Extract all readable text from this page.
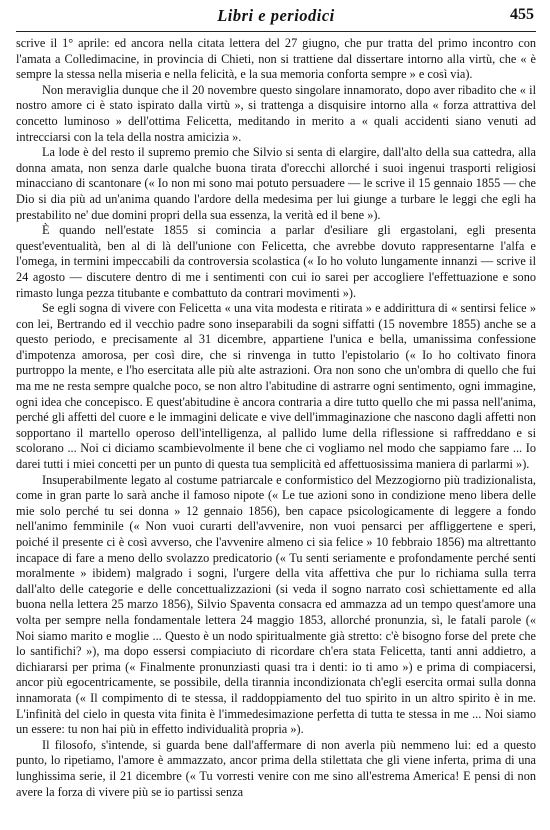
Libri e periodici	455

scrive il 1° aprile: ed ancora nella citata lettera del 27 giugno, che pur tratta del primo incontro con l'amata a Colledimacine, in provincia di Chieti, non si trattiene dal dissertare intorno alla virtù, che « è sempre la stessa nella miseria e nella felicità, e la sua memoria conforta sempre » e così via).

Non meraviglia dunque che il 20 novembre questo singolare innamorato, dopo aver ribadito che « il nostro amore ci è stato ispirato dalla virtù », si trattenga a disquisire intorno alla « forza attrattiva del concetto luminoso » dell'ottima Felicetta, meditando in merito a « quali accidenti siano venuti ad intrecciarsi con la tela della nostra amicizia ».

La lode è del resto il supremo premio che Silvio si senta di elargire, dall'alto della sua cattedra, alla donna amata, non senza darle qualche buona tirata d'orecchi allorché i suoi ingenui trasporti religiosi minacciano di scantonare (« Io non mi sono mai potuto persuadere — le scrive il 15 gennaio 1855 — che Dio si dia più ad un'anima quando l'ardore della medesima per lui giunge a turbare le leggi che egli ha prestabilito ne' due domini propri della sua essenza, la verità ed il bene »).

È quando nell'estate 1855 si comincia a parlar d'esiliare gli ergastolani, egli presenta quest'eventualità, ben al di là dell'unione con Felicetta, che avrebbe dovuto rappresentarne l'alfa e l'omega, in termini impeccabili da controversia scolastica (« Io ho voluto lungamente innanzi — scrive il 24 agosto — discutere dentro di me i sentimenti con cui io sarei per accogliere l'effettuazione e sono rimasto lunga pezza titubante e combattuto da contrari movimenti »).

Se egli sogna di vivere con Felicetta « una vita modesta e ritirata » e addirittura di « sentirsi felice » con lei, Bertrando ed il vecchio padre sono inseparabili da sogni siffatti (15 novembre 1855) anche se a questo periodo, e precisamente al 31 dicembre, appartiene l'unica e bella, umanissima confessione d'impotenza amorosa, per così dire, che si rinvenga in tutto l'epistolario (« Io ho coltivato finora purtroppo la mente, e l'ho esercitata alle più alte astrazioni. Ora non sono che un'ombra di quello che fui ma me ne resta sempre qualche poco, se non altro l'abitudine di astrarre ogni sentimento, ogni immagine, ogni idea che concepisco. E quest'abitudine è ancora contraria a dire tutto quello che mi passa nell'anima, perché gli affetti del cuore e le immagini delicate e vive dell'immaginazione che nascono dagli affetti non sopportano il martello operoso dell'intelligenza, al pallido lume della riflessione si raffreddano e si scolorano ... Noi ci diciamo scambievolmente il bene che ci vogliamo nel modo che sappiamo fare ... Io darei tutti i miei concetti per un punto di questa tua semplicità ed affettuosissima maniera di parlarmi »).

Insuperabilmente legato al costume patriarcale e conformistico del Mezzogiorno più tradizionalista, come in gran parte lo sarà anche il famoso nipote (« Le tue azioni sono in condizione meno libera delle mie solo perché tu sei donna » 12 gennaio 1856), ben capace psicologicamente di leggere a fondo nell'animo femminile (« Non vuoi curarti dell'avvenire, non vuoi pensarci per affliggertene e speri, poiché il presente ci è così avverso, che l'avvenire almeno ci sia felice » 10 febbraio 1856) ma altrettanto incapace di fare a meno dello svolazzo predicatorio (« Tu senti seriamente e profondamente perché senti moralmente » ibidem) malgrado i sogni, l'urgere della vita affettiva che pur lo richiama sulla terra dall'alto delle categorie e delle concettualizzazioni (si veda il sogno narrato così schiettamente ed alla buona nella lettera 25 marzo 1856), Silvio Spaventa consacra ed ammazza ad un tempo quest'amore una volta per sempre nella fondamentale lettera 24 maggio 1853, allorché pronunzia, sì, le fatali parole (« Noi siamo marito e moglie ... Questo è un nodo spiritualmente già stretto: c'è bisogno forse del prete che lo santifichi? »), ma dopo essersi compiaciuto di ricordare ch'era stata Felicetta, tanti anni addietro, a dichiararsi per prima (« Finalmente pronunziasti quasi tra i denti: io ti amo ») e prima di compiacersi, ancor più egocentricamente, se possibile, della tirannia incondizionata ch'egli esercita ormai sulla donna innamorata (« Il compimento di te stessa, il raddoppiamento del tuo spirito in un altro spirito è in me. L'infinità del cielo in questa vita finita è l'immedesimazione perfetta di tutta te stessa in me ... Noi siamo un essere: tu non hai più in effetto individualità propria »).

Il filosofo, s'intende, si guarda bene dall'affermare di non averla più nemmeno lui: ed a questo punto, lo ripetiamo, l'amore è ammazzato, ancor prima della stilettata che gli viene inferta, prima di una lunghissima serie, il 21 dicembre (« Tu vorresti venire con me sino all'estrema America! E pensi di non avere la forza di vivere più se io partissi senza
